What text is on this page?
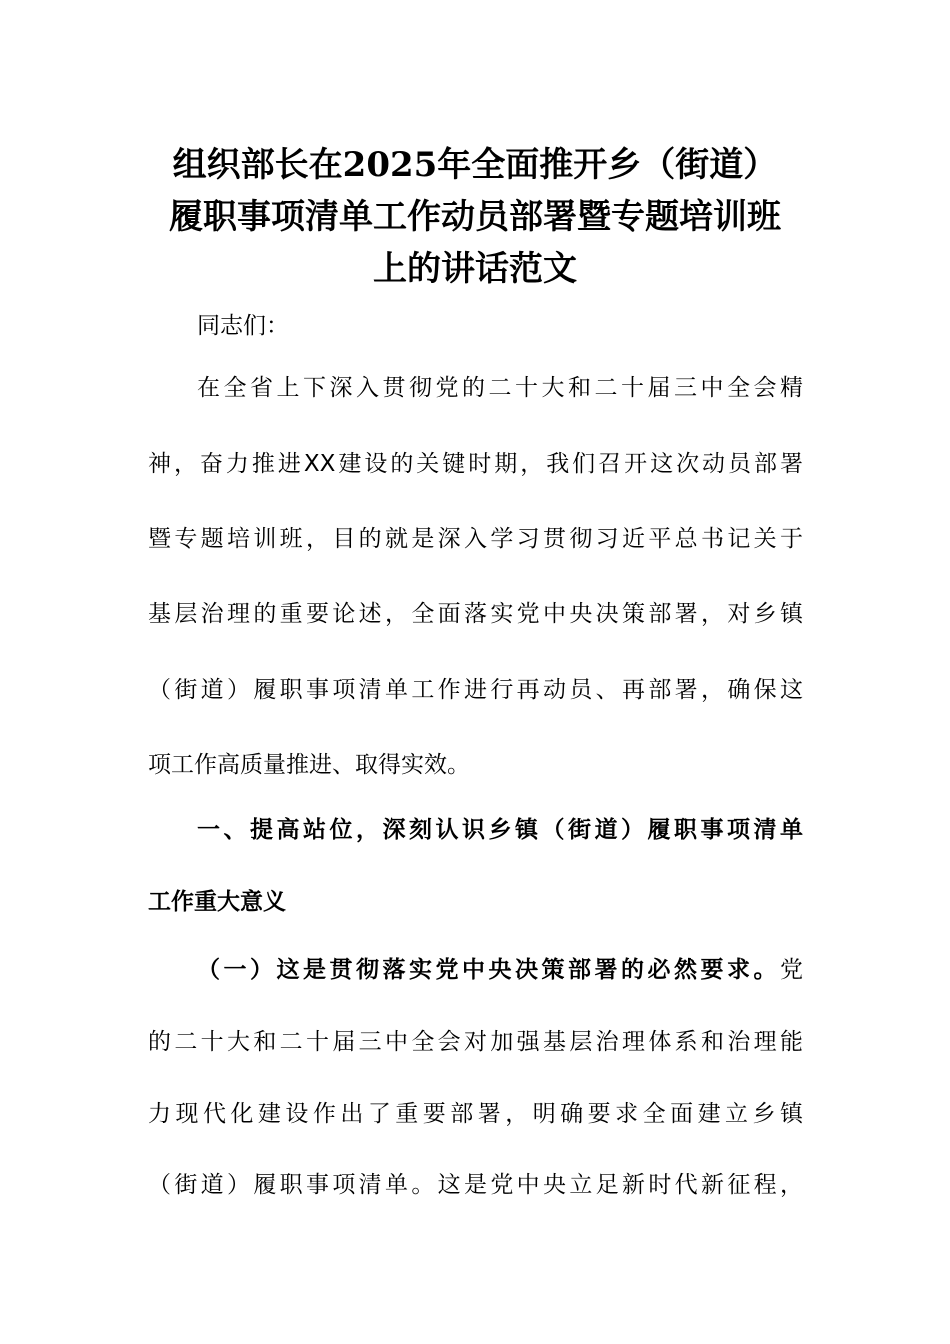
组织部长在2025年全面推开乡（街道）
履职事项清单工作动员部署暨专题培训班
上的讲话范文
同志们：
在全省上下深入贯彻党的二十大和二十届三中全会精
神，奋力推进XX建设的关键时期，我们召开这次动员部署
暨专题培训班，目的就是深入学习贯彻习近平总书记关于
基层治理的重要论述，全面落实党中央决策部署，对乡镇
（街道）履职事项清单工作进行再动员、再部署，确保这
项工作高质量推进、取得实效。
一、提高站位，深刻认识乡镇（街道）履职事项清单
工作重大意义
（一）这是贯彻落实党中央决策部署的必然要求。党
的二十大和二十届三中全会对加强基层治理体系和治理能
力现代化建设作出了重要部署，明确要求全面建立乡镇
（街道）履职事项清单。这是党中央立足新时代新征程，
